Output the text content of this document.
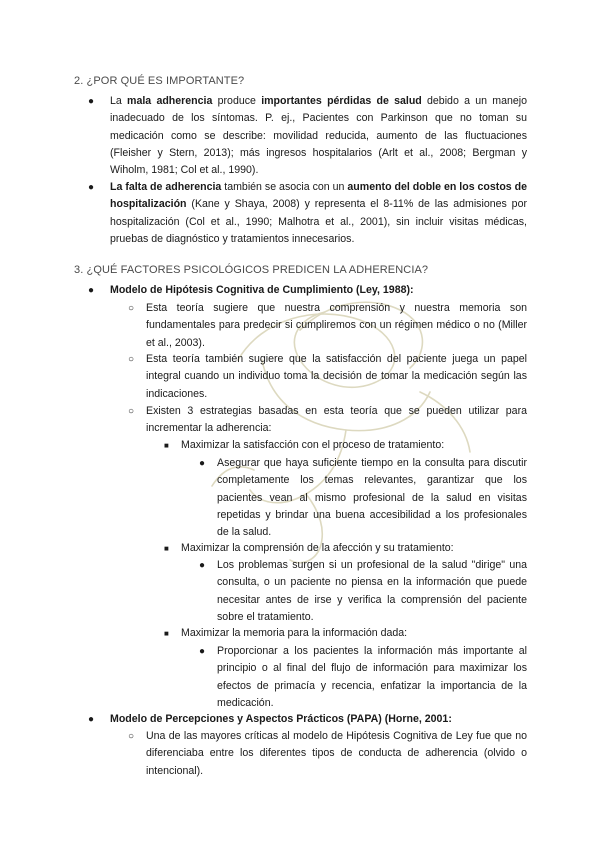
2. ¿POR QUÉ ES IMPORTANTE?
● La mala adherencia produce importantes pérdidas de salud debido a un manejo inadecuado de los síntomas. P. ej., Pacientes con Parkinson que no toman su medicación como se describe: movilidad reducida, aumento de las fluctuaciones (Fleisher y Stern, 2013); más ingresos hospitalarios (Arlt et al., 2008; Bergman y Wiholm, 1981; Col et al., 1990).
● La falta de adherencia también se asocia con un aumento del doble en los costos de hospitalización (Kane y Shaya, 2008) y representa el 8-11% de las admisiones por hospitalización (Col et al., 1990; Malhotra et al., 2001), sin incluir visitas médicas, pruebas de diagnóstico y tratamientos innecesarios.
3. ¿QUÉ FACTORES PSICOLÓGICOS PREDICEN LA ADHERENCIA?
● Modelo de Hipótesis Cognitiva de Cumplimiento (Ley, 1988):
○ Esta teoría sugiere que nuestra comprensión y nuestra memoria son fundamentales para predecir si cumpliremos con un régimen médico o no (Miller et al., 2003).
○ Esta teoría también sugiere que la satisfacción del paciente juega un papel integral cuando un individuo toma la decisión de tomar la medicación según las indicaciones.
○ Existen 3 estrategias basadas en esta teoría que se pueden utilizar para incrementar la adherencia:
■ Maximizar la satisfacción con el proceso de tratamiento:
● Asegurar que haya suficiente tiempo en la consulta para discutir completamente los temas relevantes, garantizar que los pacientes vean al mismo profesional de la salud en visitas repetidas y brindar una buena accesibilidad a los profesionales de la salud.
■ Maximizar la comprensión de la afección y su tratamiento:
● Los problemas surgen si un profesional de la salud "dirige" una consulta, o un paciente no piensa en la información que puede necesitar antes de irse y verifica la comprensión del paciente sobre el tratamiento.
■ Maximizar la memoria para la información dada:
● Proporcionar a los pacientes la información más importante al principio o al final del flujo de información para maximizar los efectos de primacía y recencia, enfatizar la importancia de la medicación.
● Modelo de Percepciones y Aspectos Prácticos (PAPA) (Horne, 2001:
○ Una de las mayores críticas al modelo de Hipótesis Cognitiva de Ley fue que no diferenciaba entre los diferentes tipos de conducta de adherencia (olvido o intencional).
